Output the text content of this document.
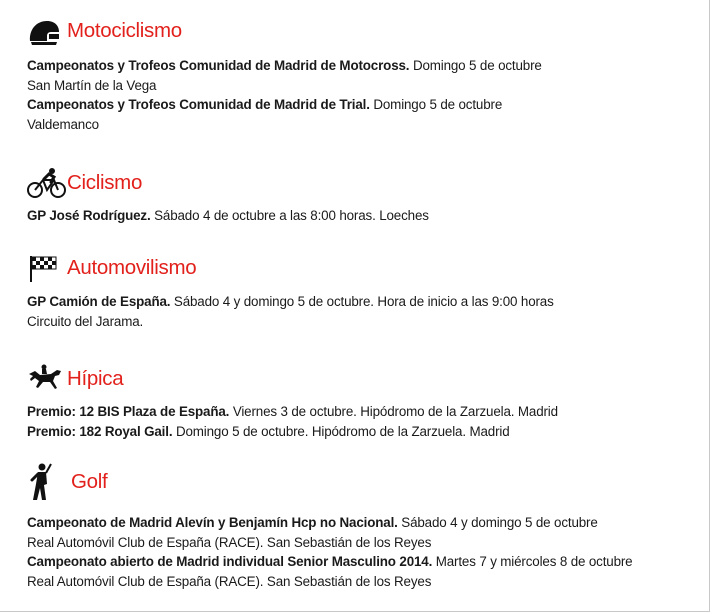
Motociclismo
Campeonatos y Trofeos Comunidad de Madrid de Motocross. Domingo 5 de octubre
San Martín de la Vega
Campeonatos y Trofeos Comunidad de Madrid de Trial. Domingo 5 de octubre
Valdemanco
Ciclismo
GP José Rodríguez. Sábado 4 de octubre a las 8:00 horas. Loeches
Automovilismo
GP Camión de España. Sábado 4 y domingo 5 de octubre. Hora de inicio a las 9:00 horas
Circuito del Jarama.
Hípica
Premio: 12 BIS Plaza de España. Viernes 3 de octubre. Hipódromo de la Zarzuela. Madrid
Premio: 182 Royal Gail. Domingo 5 de octubre. Hipódromo de la Zarzuela. Madrid
Golf
Campeonato de Madrid Alevín y Benjamín Hcp no Nacional. Sábado 4 y domingo 5 de octubre
Real Automóvil Club de España (RACE). San Sebastián de los Reyes
Campeonato abierto de Madrid individual Senior Masculino 2014. Martes 7 y miércoles 8 de octubre
Real Automóvil Club de España (RACE). San Sebastián de los Reyes
